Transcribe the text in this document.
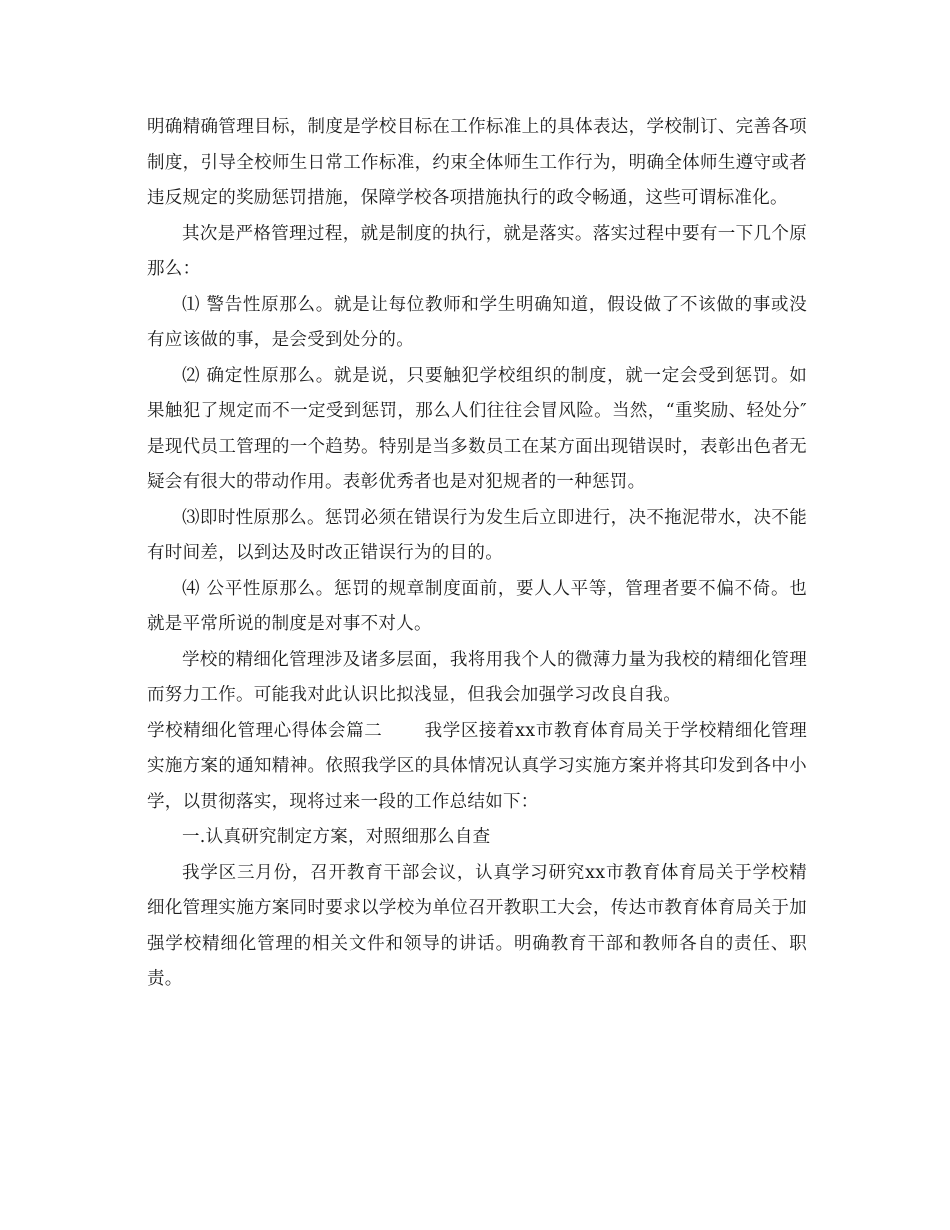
明确精确管理目标，制度是学校目标在工作标准上的具体表达，学校制订、完善各项制度，引导全校师生日常工作标准，约束全体师生工作行为，明确全体师生遵守或者违反规定的奖励惩罚措施，保障学校各项措施执行的政令畅通，这些可谓标准化。

其次是严格管理过程，就是制度的执行，就是落实。落实过程中要有一下几个原那么：

⑴ 警告性原那么。就是让每位教师和学生明确知道，假设做了不该做的事或没有应该做的事，是会受到处分的。

⑵ 确定性原那么。就是说，只要触犯学校组织的制度，就一定会受到惩罚。如果触犯了规定而不一定受到惩罚，那么人们往往会冒风险。当然，“重奖励、轻处分″是现代员工管理的一个趋势。特别是当多数员工在某方面出现错误时，表彰出色者无疑会有很大的带动作用。表彰优秀者也是对犯规者的一种惩罚。

⑶即时性原那么。惩罚必须在错误行为发生后立即进行，决不拖泥带水，决不能有时间差，以到达及时改正错误行为的目的。

⑷ 公平性原那么。惩罚的规章制度面前，要人人平等，管理者要不偏不倚。也就是平常所说的制度是对事不对人。

学校的精细化管理涉及诸多层面，我将用我个人的微薄力量为我校的精细化管理而努力工作。可能我对此认识比拟浅显，但我会加强学习改良自我。

学校精细化管理心得体会篇二 我学区接着xx市教育体育局关于学校精细化管理实施方案的通知精神。依照我学区的具体情况认真学习实施方案并将其印发到各中小学，以贯彻落实，现将过来一段的工作总结如下：

一.认真研究制定方案，对照细那么自查

我学区三月份，召开教育干部会议，认真学习研究xx市教育体育局关于学校精细化管理实施方案同时要求以学校为单位召开教职工大会，传达市教育体育局关于加强学校精细化管理的相关文件和领导的讲话。明确教育干部和教师各自的责任、职责。
